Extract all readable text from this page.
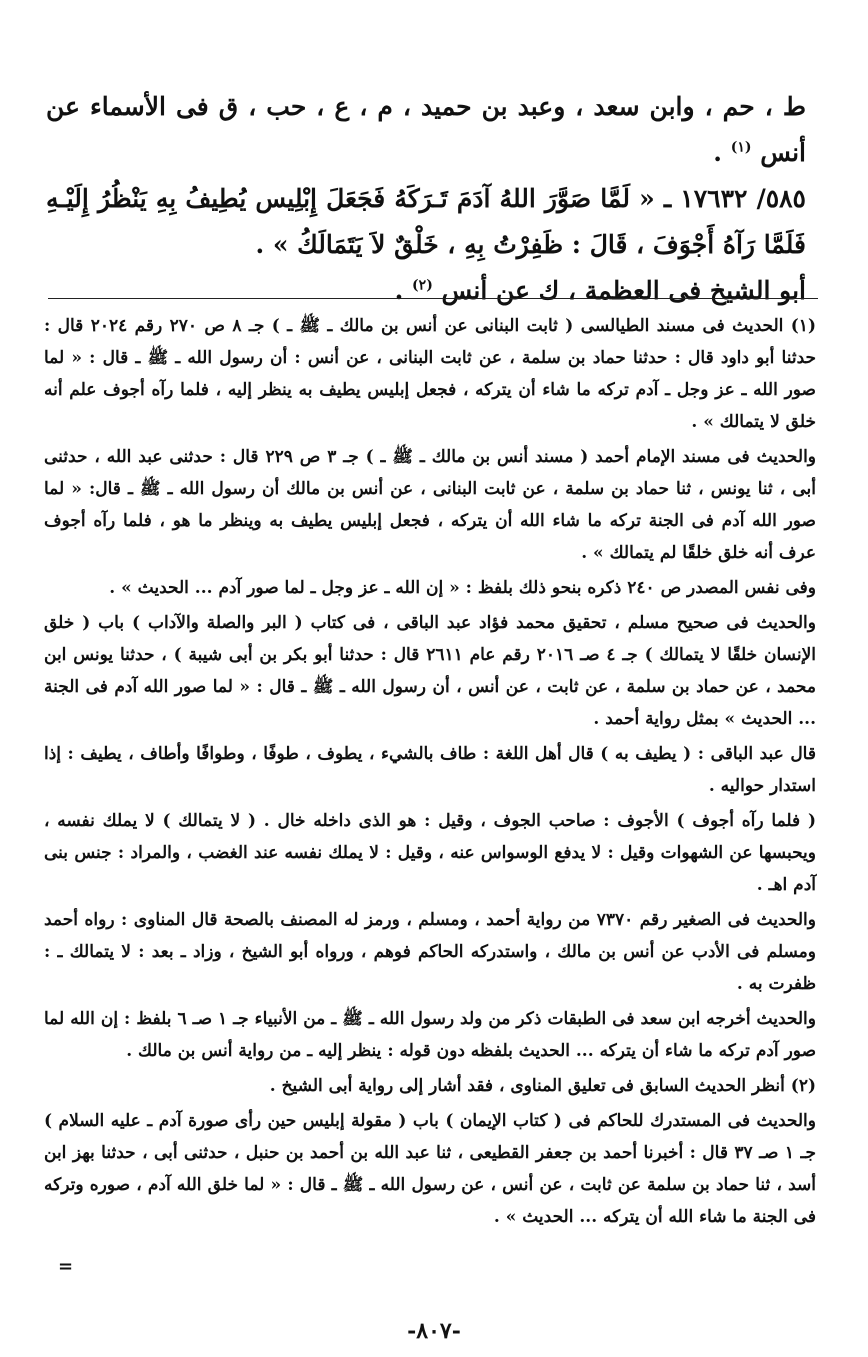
ط ، حم ، وابن سعد ، وعبد بن حميد ، م ، ع ، حب ، ق فى الأسماء عن أنس $^{(١)}$ .

٥٨٥/ ١٧٦٣٢ ـ « لَمَّا صَوَّرَ اللهُ آدَمَ تَـرَكَهُ فَجَعَلَ إِبْلِيس يُطِيفُ بِهِ يَنْظُرُ إِلَيْـهِ فَلَمَّا رَآهُ أَجْوَفَ ، قَالَ : ظَفِرْتُ بِهِ ، خَلْقٌ لاَ يَتَمَالَكُ » .

أبو الشيخ فى العظمة ، ك عن أنس $^{(٢)}$ .

(١) الحديث فى مسند الطيالسى ( ثابت البنانى عن أنس بن مالك ـ ﷺ ـ ) جـ ٨ ص ٢٧٠ رقم ٢٠٢٤ قال : حدثنا أبو داود قال : حدثنا حماد بن سلمة ، عن ثابت البنانى ، عن أنس : أن رسول الله ـ ﷺ ـ قال : « لما صور الله ـ عز وجل ـ آدم تركه ما شاء أن يتركه ، فجعل إبليس يطيف به ينظر إليه ، فلما رآه أجوف علم أنه خلق لا يتمالك » .

والحديث فى مسند الإمام أحمد ( مسند أنس بن مالك ـ ﷺ ـ ) جـ ٣ ص ٢٢٩ قال : حدثنى عبد الله ، حدثنى أبى ، ثنا يونس ، ثنا حماد بن سلمة ، عن ثابت البنانى ، عن أنس بن مالك أن رسول الله ـ ﷺ ـ قال: « لما صور الله آدم فى الجنة تركه ما شاء الله أن يتركه ، فجعل إبليس يطيف به وينظر ما هو ، فلما رآه أجوف عرف أنه خلق خلقًا لم يتمالك » .

وفى نفس المصدر ص ٢٤٠ ذكره بنحو ذلك بلفظ : « إن الله ـ عز وجل ـ لما صور آدم ... الحديث » .

والحديث فى صحيح مسلم ، تحقيق محمد فؤاد عبد الباقى ، فى كتاب ( البر والصلة والآداب ) باب ( خلق الإنسان خلقًا لا يتمالك ) جـ ٤ صـ ٢٠١٦ رقم عام ٢٦١١ قال : حدثنا أبو بكر بن أبى شيبة ) ، حدثنا يونس ابن محمد ، عن حماد بن سلمة ، عن ثابت ، عن أنس ، أن رسول الله ـ ﷺ ـ قال : « لما صور الله آدم فى الجنة ... الحديث » بمثل رواية أحمد .

قال عبد الباقى : ( يطيف به ) قال أهل اللغة : طاف بالشيء ، يطوف ، طوفًا ، وطوافًا وأطاف ، يطيف : إذا استدار حواليه .

( فلما رآه أجوف ) الأجوف : صاحب الجوف ، وقيل : هو الذى داخله خال . ( لا يتمالك ) لا يملك نفسه ، ويحبسها عن الشهوات وقيل : لا يدفع الوسواس عنه ، وقيل : لا يملك نفسه عند الغضب ، والمراد : جنس بنى آدم اهـ .

والحديث فى الصغير رقم ٧٣٧٠ من رواية أحمد ، ومسلم ، ورمز له المصنف بالصحة قال المناوى : رواه أحمد ومسلم فى الأدب عن أنس بن مالك ، واستدركه الحاكم فوهم ، ورواه أبو الشيخ ، وزاد ـ بعد : لا يتمالك ـ : ظفرت به .

والحديث أخرجه ابن سعد فى الطبقات ذكر من ولد رسول الله ـ ﷺ ـ من الأنبياء جـ ١ صـ ٦ بلفظ : إن الله لما صور آدم تركه ما شاء أن يتركه ... الحديث بلفظه دون قوله : ينظر إليه ـ من رواية أنس بن مالك .

(٢) أنظر الحديث السابق فى تعليق المناوى ، فقد أشار إلى رواية أبى الشيخ .

والحديث فى المستدرك للحاكم فى ( كتاب الإيمان ) باب ( مقولة إبليس حين رأى صورة آدم ـ عليه السلام ) جـ ١ صـ ٣٧ قال : أخبرنا أحمد بن جعفر القطيعى ، ثنا عبد الله بن أحمد بن حنبل ، حدثنى أبى ، حدثنا بهز ابن أسد ، ثنا حماد بن سلمة عن ثابت ، عن أنس ، عن رسول الله ـ ﷺ ـ قال : « لما خلق الله آدم ، صوره وتركه فى الجنة ما شاء الله أن يتركه ... الحديث » .

=
-٨٠٧-
